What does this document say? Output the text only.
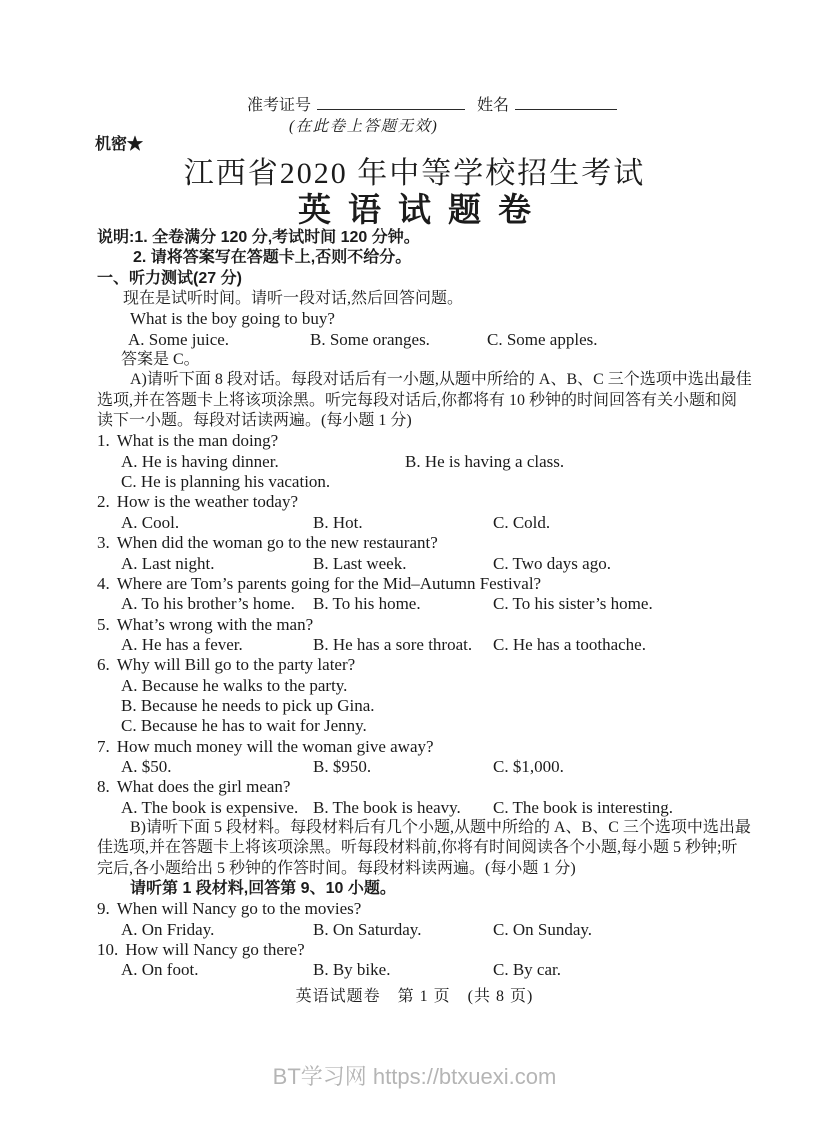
准考证号	姓名
(在此卷上答题无效)
机密★
江西省2020 年中等学校招生考试
英语试题卷
说明:1. 全卷满分 120 分,考试时间 120 分钟。
2. 请将答案写在答题卡上,否则不给分。
一、听力测试(27 分)
现在是试听时间。请听一段对话,然后回答问题。
What is the boy going to buy?
A. Some juice.	B. Some oranges.	C. Some apples.
答案是 C。
A)请听下面 8 段对话。每段对话后有一小题,从题中所给的 A、B、C 三个选项中选出最佳
选项,并在答题卡上将该项涂黑。听完每段对话后,你都将有 10 秒钟的时间回答有关小题和阅
读下一小题。每段对话读两遍。(每小题 1 分)
1. What is the man doing?
A. He is having dinner.	B. He is having a class.
C. He is planning his vacation.
2. How is the weather today?
A. Cool.	B. Hot.	C. Cold.
3. When did the woman go to the new restaurant?
A. Last night.	B. Last week.	C. Two days ago.
4. Where are Tom’s parents going for the Mid–Autumn Festival?
A. To his brother’s home.	B. To his home.	C. To his sister’s home.
5. What’s wrong with the man?
A. He has a fever.	B. He has a sore throat.	C. He has a toothache.
6. Why will Bill go to the party later?
A. Because he walks to the party.
B. Because he needs to pick up Gina.
C. Because he has to wait for Jenny.
7. How much money will the woman give away?
A. $50.	B. $950.	C. $1,000.
8. What does the girl mean?
A. The book is expensive. B. The book is heavy.	C. The book is interesting.
B)请听下面 5 段材料。每段材料后有几个小题,从题中所给的 A、B、C 三个选项中选出最
佳选项,并在答题卡上将该项涂黑。听每段材料前,你将有时间阅读各个小题,每小题 5 秒钟;听
完后,各小题给出 5 秒钟的作答时间。每段材料读两遍。(每小题 1 分)
请听第 1 段材料,回答第 9、10 小题。
9. When will Nancy go to the movies?
A. On Friday.	B. On Saturday.	C. On Sunday.
10. How will Nancy go there?
A. On foot.	B. By bike.	C. By car.
英语试题卷　第 1 页　(共 8 页)
BT学习网 https://btxuexi.com
